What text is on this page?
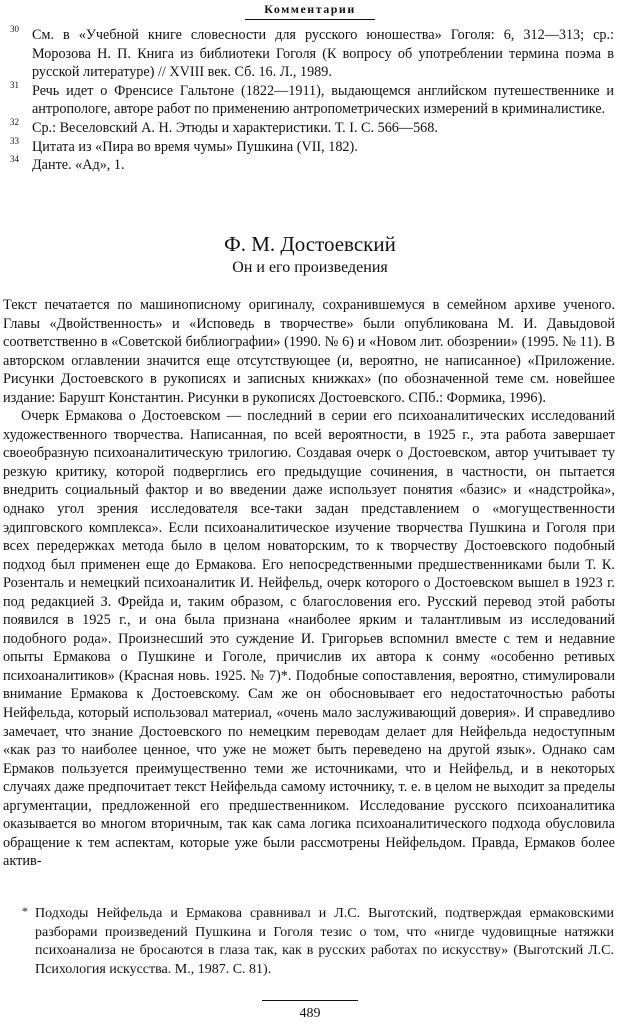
Комментарии
30 См. в «Учебной книге словесности для русского юношества» Гоголя: 6, 312—313; ср.: Морозова Н. П. Книга из библиотеки Гоголя (К вопросу об употреблении термина поэма в русской литературе) // XVIII век. Сб. 16. Л., 1989.
31 Речь идет о Френсисе Гальтоне (1822—1911), выдающемся английском путешественнике и антропологе, авторе работ по применению антропометрических измерений в криминалистике.
32 Ср.: Веселовский А. Н. Этюды и характеристики. Т. I. С. 566—568.
33 Цитата из «Пира во время чумы» Пушкина (VII, 182).
34 Данте. «Ад», 1.
Ф. М. Достоевский
Он и его произведения

Текст печатается по машинописному оригиналу, сохранившемуся в семейном архиве ученого. Главы «Двойственность» и «Исповедь в творчестве» были опубликована М. И. Давыдовой соответственно в «Советской библиографии» (1990. № 6) и «Новом лит. обозрении» (1995. № 11). В авторском оглавлении значится еще отсутствующее (и, вероятно, не написанное) «Приложение. Рисунки Достоевского в рукописях и записных книжках» (по обозначенной теме см. новейшее издание: Барушт Константин. Рисунки в рукописях Достоевского. СПб.: Формика, 1996).

Очерк Ермакова о Достоевском — последний в серии его психоаналитических исследований художественного творчества. Написанная, по всей вероятности, в 1925 г., эта работа завершает своеобразную психоаналитическую трилогию. Создавая очерк о Достоевском, автор учитывает ту резкую критику, которой подверглись его предыдущие сочинения, в частности, он пытается внедрить социальный фактор и во введении даже использует понятия «базис» и «надстройка», однако угол зрения исследователя все-таки задан представлением о «могущественности эдипговского комплекса». Если психоаналитическое изучение творчества Пушкина и Гоголя при всех передержках метода было в целом новаторским, то к творчеству Достоевского подобный подход был применен еще до Ермакова. Его непосредственными предшественниками были Т. К. Розенталь и немецкий психоаналитик И. Нейфельд, очерк которого о Достоевском вышел в 1923 г. под редакцией З. Фрейда и, таким образом, с благословения его. Русский перевод этой работы появился в 1925 г., и она была признана «наиболее ярким и талантливым из исследований подобного рода». Произнесший это суждение И. Григорьев вспомнил вместе с тем и недавние опыты Ермакова о Пушкине и Гоголе, причислив их автора к сонму «особенно ретивых психоаналитиков» (Красная новь. 1925. № 7)*. Подобные сопоставления, вероятно, стимулировали внимание Ермакова к Достоевскому. Сам же он обосновывает его недостаточностью работы Нейфельда, который использовал материал, «очень мало заслуживающий доверия». И справедливо замечает, что знание Достоевского по немецким переводам делает для Нейфельда недоступным «как раз то наиболее ценное, что уже не может быть переведено на другой язык». Однако сам Ермаков пользуется преимущественно теми же источниками, что и Нейфельд, и в некоторых случаях даже предпочитает текст Нейфельда самому источнику, т. е. в целом не выходит за пределы аргументации, предложенной его предшественником. Исследование русского психоаналитика оказывается во многом вторичным, так как сама логика психоаналитического подхода обусловила обращение к тем аспектам, которые уже были рассмотрены Нейфельдом. Правда, Ермаков более актив-

* Подходы Нейфельда и Ермакова сравнивал и Л.С. Выготский, подтверждая ермаковскими разборами произведений Пушкина и Гоголя тезис о том, что «нигде чудовищные натяжки психоанализа не бросаются в глаза так, как в русских работах по искусству» (Выготский Л.С. Психология искусства. М., 1987. С. 81).
489
